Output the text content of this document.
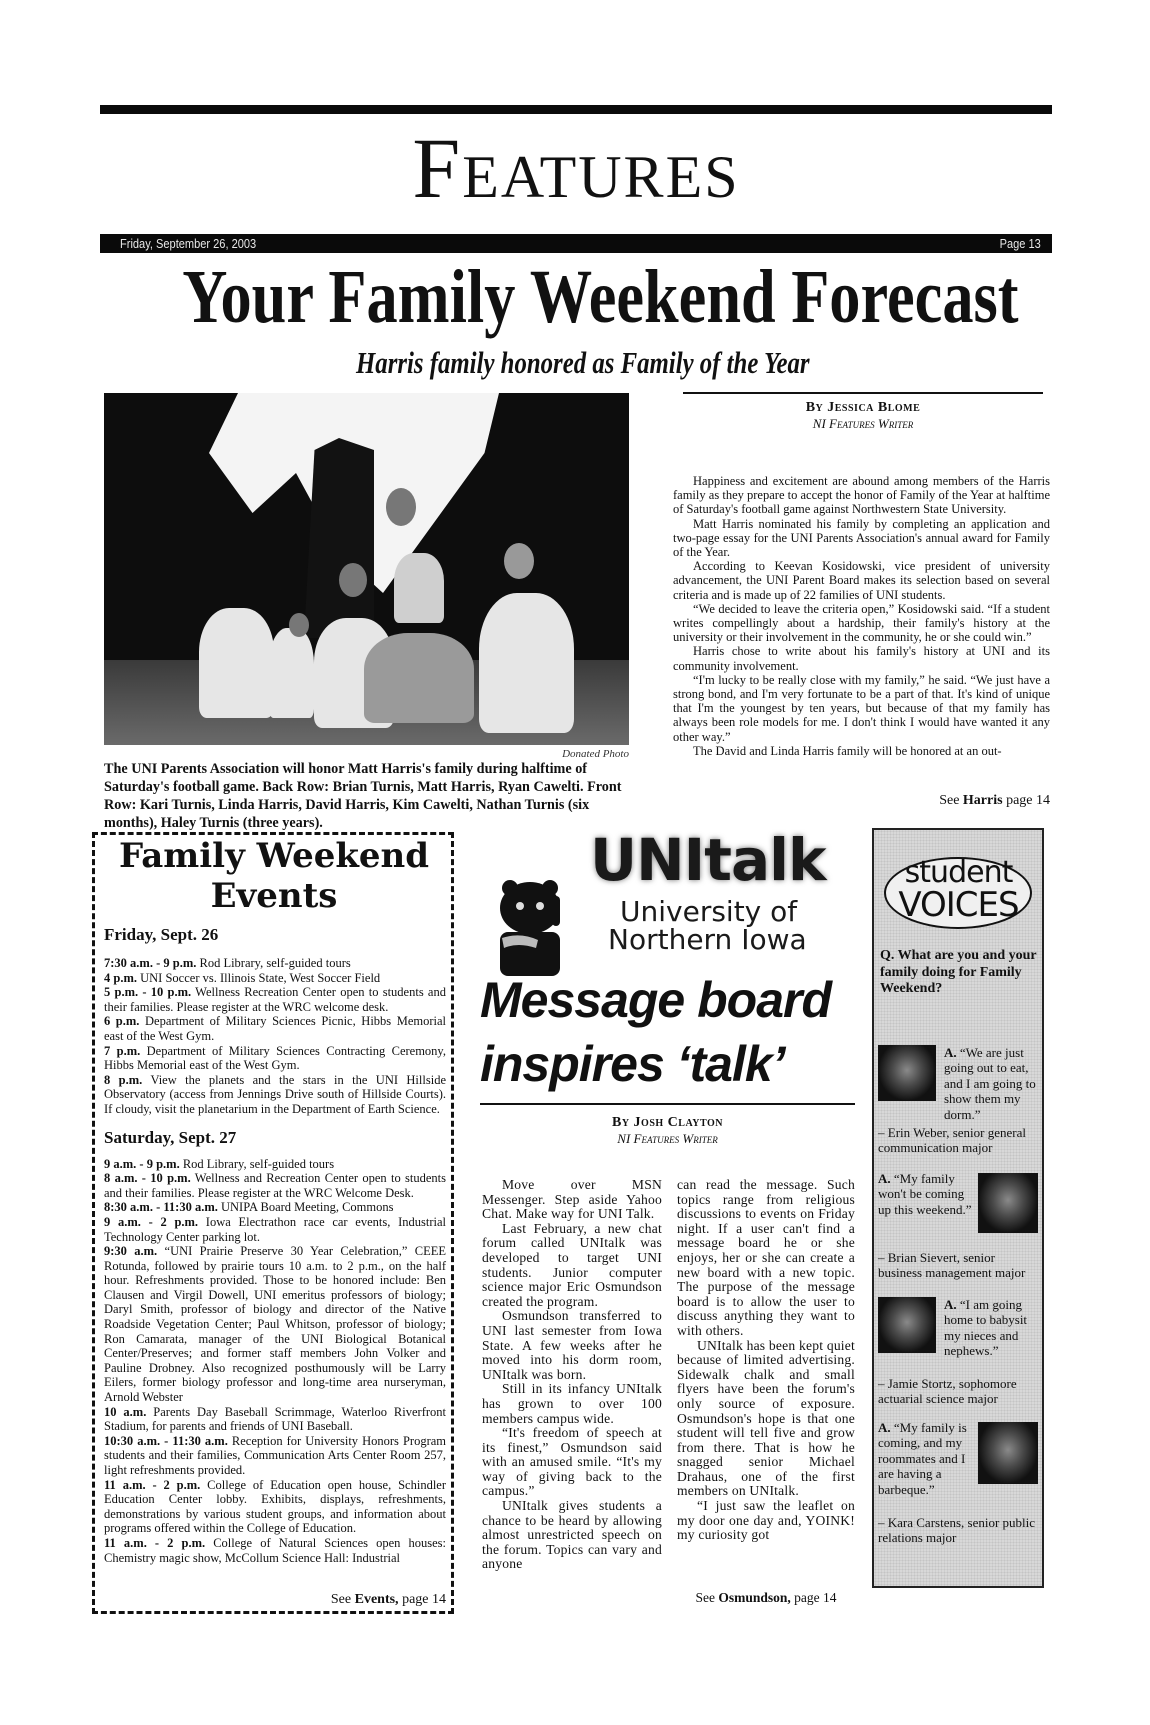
Features
Friday, September 26, 2003	Page 13
Your Family Weekend Forecast
Harris family honored as Family of the Year
Donated Photo
The UNI Parents Association will honor Matt Harris's family during halftime of Saturday's football game. Back Row: Brian Turnis, Matt Harris, Ryan Cawelti. Front Row: Kari Turnis, Linda Harris, David Harris, Kim Cawelti, Nathan Turnis (six months), Haley Turnis (three years).
By Jessica Blome
NI Features Writer

Happiness and excitement are abound among members of the Harris family as they prepare to accept the honor of Family of the Year at halftime of Saturday's football game against Northwestern State University.

Matt Harris nominated his family by completing an application and two-page essay for the UNI Parents Association's annual award for Family of the Year.

According to Keevan Kosidowski, vice president of university advancement, the UNI Parent Board makes its selection based on several criteria and is made up of 22 families of UNI students.

“We decided to leave the criteria open,” Kosidowski said. “If a student writes compellingly about a hardship, their family's history at the university or their involvement in the community, he or she could win.”

Harris chose to write about his family's history at UNI and its community involvement.

“I'm lucky to be really close with my family,” he said. “We just have a strong bond, and I'm very fortunate to be a part of that. It's kind of unique that I'm the youngest by ten years, but because of that my family has always been role models for me. I don't think I would have wanted it any other way.”

The David and Linda Harris family will be honored at an out-

See Harris page 14
Family Weekend Events
Friday, Sept. 26
7:30 a.m. - 9 p.m. Rod Library, self-guided tours
4 p.m. UNI Soccer vs. Illinois State, West Soccer Field
5 p.m. - 10 p.m. Wellness Recreation Center open to students and their families. Please register at the WRC welcome desk.
6 p.m. Department of Military Sciences Picnic, Hibbs Memorial east of the West Gym.
7 p.m. Department of Military Sciences Contracting Ceremony, Hibbs Memorial east of the West Gym.
8 p.m. View the planets and the stars in the UNI Hillside Observatory (access from Jennings Drive south of Hillside Courts). If cloudy, visit the planetarium in the Department of Earth Science.
Saturday, Sept. 27
9 a.m. - 9 p.m. Rod Library, self-guided tours
8 a.m. - 10 p.m. Wellness and Recreation Center open to students and their families. Please register at the WRC Welcome Desk.
8:30 a.m. - 11:30 a.m. UNIPA Board Meeting, Commons
9 a.m. - 2 p.m. Iowa Electrathon race car events, Industrial Technology Center parking lot.
9:30 a.m. “UNI Prairie Preserve 30 Year Celebration,” CEEE Rotunda, followed by prairie tours 10 a.m. to 2 p.m., on the half hour. Refreshments provided. Those to be honored include: Ben Clausen and Virgil Dowell, UNI emeritus professors of biology; Daryl Smith, professor of biology and director of the Native Roadside Vegetation Center; Paul Whitson, professor of biology; Ron Camarata, manager of the UNI Biological Botanical Center/Preserves; and former staff members John Volker and Pauline Drobney. Also recognized posthumously will be Larry Eilers, former biology professor and long-time area nurseryman, Arnold Webster
10 a.m. Parents Day Baseball Scrimmage, Waterloo Riverfront Stadium, for parents and friends of UNI Baseball.
10:30 a.m. - 11:30 a.m. Reception for University Honors Program students and their families, Communication Arts Center Room 257, light refreshments provided.
11 a.m. - 2 p.m. College of Education open house, Schindler Education Center lobby. Exhibits, displays, refreshments, demonstrations by various student groups, and information about programs offered within the College of Education.
11 a.m. - 2 p.m. College of Natural Sciences open houses: Chemistry magic show, McCollum Science Hall: Industrial
See Events, page 14
UNItalk
University of
Northern Iowa
Message board
inspires ‘talk’
By Josh Clayton
NI Features Writer

Move over MSN Messenger. Step aside Yahoo Chat. Make way for UNI Talk.

Last February, a new chat forum called UNItalk was developed to target UNI students. Junior computer science major Eric Osmundson created the program.

Osmundson transferred to UNI last semester from Iowa State. A few weeks after he moved into his dorm room, UNItalk was born.

Still in its infancy UNItalk has grown to over 100 members campus wide.

“It's freedom of speech at its finest,” Osmundson said with an amused smile. “It's my way of giving back to the campus.”

UNItalk gives students a chance to be heard by allowing almost unrestricted speech on the forum. Topics can vary and anyone

can read the message. Such topics range from religious discussions to events on Friday night. If a user can't find a message board he or she enjoys, her or she can create a new board with a new topic. The purpose of the message board is to allow the user to discuss anything they want to with others.

UNItalk has been kept quiet because of limited advertising. Sidewalk chalk and small flyers have been the forum's only source of exposure. Osmundson's hope is that one student will tell five and grow from there. That is how he snagged senior Michael Drahaus, one of the first members on UNItalk.

“I just saw the leaflet on my door one day and, YOINK! my curiosity got

See Osmundson, page 14
student
VOICES
Q. What are you and your family doing for Family Weekend?
A. “We are just going out to eat, and I am going to show them my dorm.”
– Erin Weber, senior general communication major
A. “My family won't be coming up this weekend.”
– Brian Sievert, senior business management major
A. “I am going home to babysit my nieces and nephews.”
– Jamie Stortz, sophomore actuarial science major
A. “My family is coming, and my roommates and I are having a barbeque.”
– Kara Carstens, senior public relations major
